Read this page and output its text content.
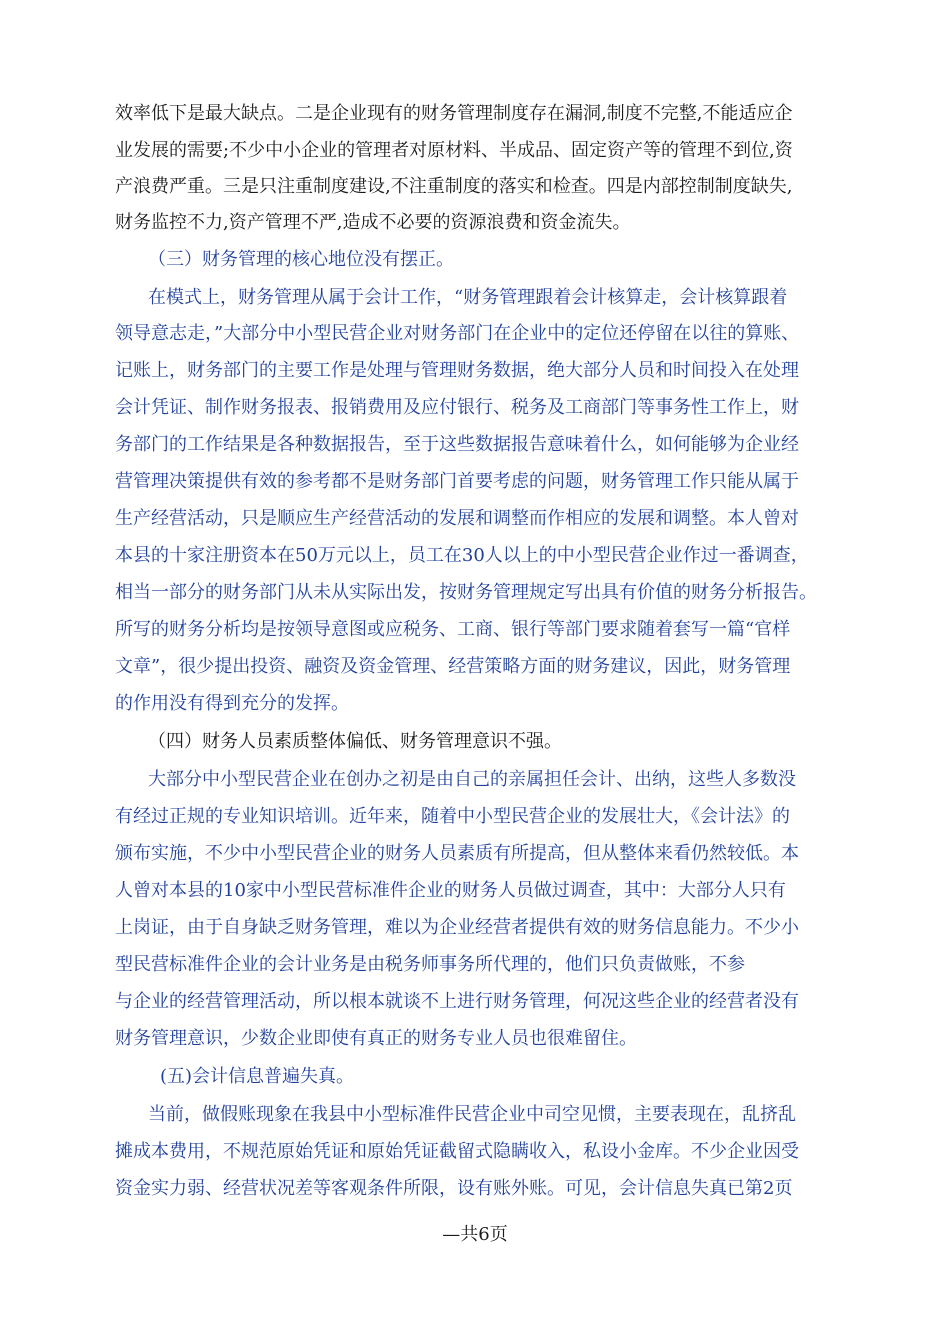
效率低下是最大缺点。二是企业现有的财务管理制度存在漏洞,制度不完整,不能适应企
业发展的需要;不少中小企业的管理者对原材料、半成品、固定资产等的管理不到位,资
产浪费严重。三是只注重制度建设,不注重制度的落实和检查。四是内部控制制度缺失,
财务监控不力,资产管理不严,造成不必要的资源浪费和资金流失。
（三）财务管理的核心地位没有摆正。
在模式上，财务管理从属于会计工作，“财务管理跟着会计核算走，会计核算跟着
领导意志走，”大部分中小型民营企业对财务部门在企业中的定位还停留在以往的算账、
记账上，财务部门的主要工作是处理与管理财务数据，绝大部分人员和时间投入在处理
会计凭证、制作财务报表、报销费用及应付银行、税务及工商部门等事务性工作上，财
务部门的工作结果是各种数据报告，至于这些数据报告意味着什么，如何能够为企业经
营管理决策提供有效的参考都不是财务部门首要考虑的问题，财务管理工作只能从属于
生产经营活动，只是顺应生产经营活动的发展和调整而作相应的发展和调整。本人曾对
本县的十家注册资本在50万元以上，员工在30人以上的中小型民营企业作过一番调查，
相当一部分的财务部门从未从实际出发，按财务管理规定写出具有价值的财务分析报告。
所写的财务分析均是按领导意图或应税务、工商、银行等部门要求随着套写一篇“官样
文章”，很少提出投资、融资及资金管理、经营策略方面的财务建议，因此，财务管理
的作用没有得到充分的发挥。
（四）财务人员素质整体偏低、财务管理意识不强。
大部分中小型民营企业在创办之初是由自己的亲属担任会计、出纳，这些人多数没
有经过正规的专业知识培训。近年来，随着中小型民营企业的发展壮大，《会计法》的
颁布实施，不少中小型民营企业的财务人员素质有所提高，但从整体来看仍然较低。本
人曾对本县的10家中小型民营标准件企业的财务人员做过调查，其中：大部分人只有
上岗证，由于自身缺乏财务管理，难以为企业经营者提供有效的财务信息能力。不少小
型民营标准件企业的会计业务是由税务师事务所代理的，他们只负责做账，不参
与企业的经营管理活动，所以根本就谈不上进行财务管理，何况这些企业的经营者没有
财务管理意识，少数企业即使有真正的财务专业人员也很难留住。
(五)会计信息普遍失真。
当前，做假账现象在我县中小型标准件民营企业中司空见惯，主要表现在，乱挤乱
摊成本费用，不规范原始凭证和原始凭证截留式隐瞒收入，私设小金库。不少企业因受
资金实力弱、经营状况差等客观条件所限，设有账外账。可见，会计信息失真已第2页
—共6页
